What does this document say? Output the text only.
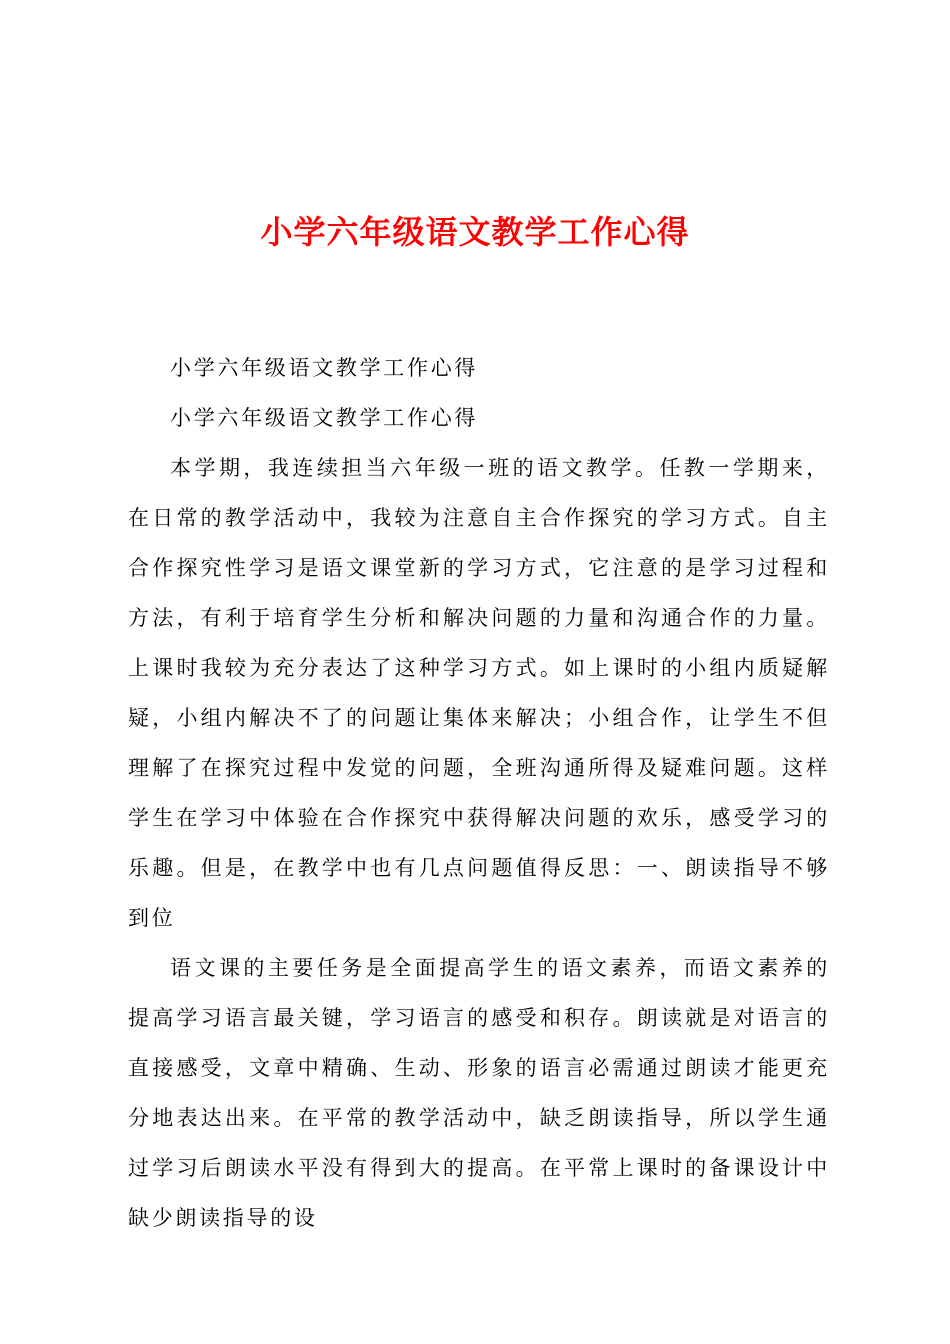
小学六年级语文教学工作心得

小学六年级语文教学工作心得

小学六年级语文教学工作心得

本学期，我连续担当六年级一班的语文教学。任教一学期来，在日常的教学活动中，我较为注意自主合作探究的学习方式。自主合作探究性学习是语文课堂新的学习方式，它注意的是学习过程和方法，有利于培育学生分析和解决问题的力量和沟通合作的力量。上课时我较为充分表达了这种学习方式。如上课时的小组内质疑解疑，小组内解决不了的问题让集体来解决；小组合作，让学生不但理解了在探究过程中发觉的问题，全班沟通所得及疑难问题。这样学生在学习中体验在合作探究中获得解决问题的欢乐，感受学习的乐趣。但是，在教学中也有几点问题值得反思：一、朗读指导不够到位

语文课的主要任务是全面提高学生的语文素养，而语文素养的提高学习语言最关键，学习语言的感受和积存。朗读就是对语言的直接感受，文章中精确、生动、形象的语言必需通过朗读才能更充分地表达出来。在平常的教学活动中，缺乏朗读指导，所以学生通过学习后朗读水平没有得到大的提高。在平常上课时的备课设计中缺少朗读指导的设
